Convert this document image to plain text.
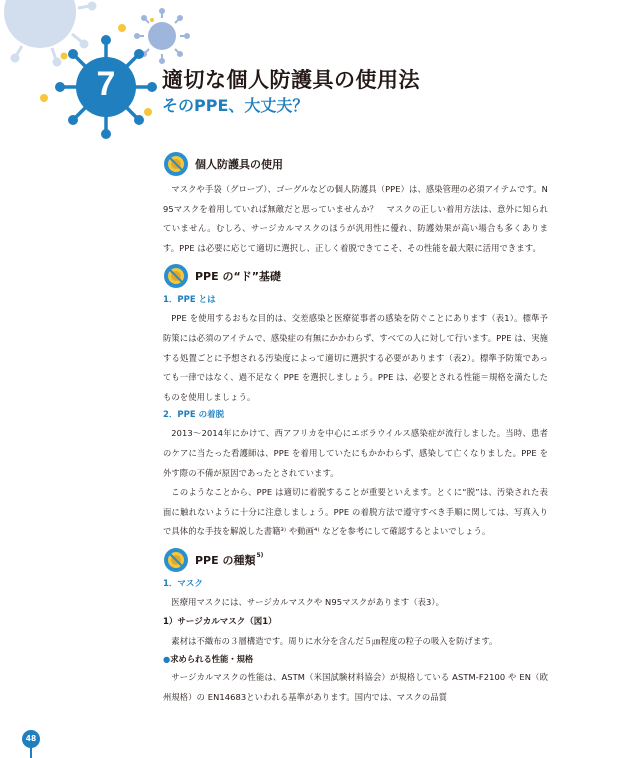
7	適切な個人防護具の使用法
そのPPE、大丈夫？
個人防護具の使用

マスクや手袋（グローブ）、ゴーグルなどの個人防護具（PPE）は、感染管理の必須アイテムです。N95マスクを着用していれば無敵だと思っていませんか？　マスクの正しい着用方法は、意外に知られていません。むしろ、サージカルマスクのほうが汎用性に優れ、防護効果が高い場合も多くあります。PPE は必要に応じて適切に選択し、正しく着脱できてこそ、その性能を最大限に活用できます。

PPE の“ド”基礎

1．PPE とは

PPE を使用するおもな目的は、交差感染と医療従事者の感染を防ぐことにあります（表1）。標準予防策には必須のアイテムで、感染症の有無にかかわらず、すべての人に対して行います。PPE は、実施する処置ごとに予想される汚染度によって適切に選択する必要があります（表2）。標準予防策であっても一律ではなく、過不足なく PPE を選択しましょう。PPE は、必要とされる性能＝規格を満たしたものを使用しましょう。

2．PPE の着脱

2013～2014年にかけて、西アフリカを中心にエボラウイルス感染症が流行しました。当時、患者のケアに当たった看護師は、PPE を着用していたにもかかわらず、感染して亡くなりました。PPE を外す際の不備が原因であったとされています。

このようなことから、PPE は適切に着脱することが重要といえます。とくに“脱”は、汚染された表面に触れないように十分に注意しましょう。PPE の着脱方法で遵守すべき手順に関しては、写真入りで具体的な手技を解説した書籍³⁾ や動画⁴⁾ などを参考にして確認するとよいでしょう。

PPE の種類$^{5)}$

1．マスク

医療用マスクには、サージカルマスクや N95マスクがあります（表3）。

1）サージカルマスク（図1）

素材は不織布の３層構造です。周りに水分を含んだ５㎛程度の粒子の吸入を防げます。

●求められる性能・規格

サージカルマスクの性能は、ASTM（米国試験材料協会）が規格している ASTM-F2100 や EN（欧州規格）の EN14683といわれる基準があります。国内では、マスクの品質

48
